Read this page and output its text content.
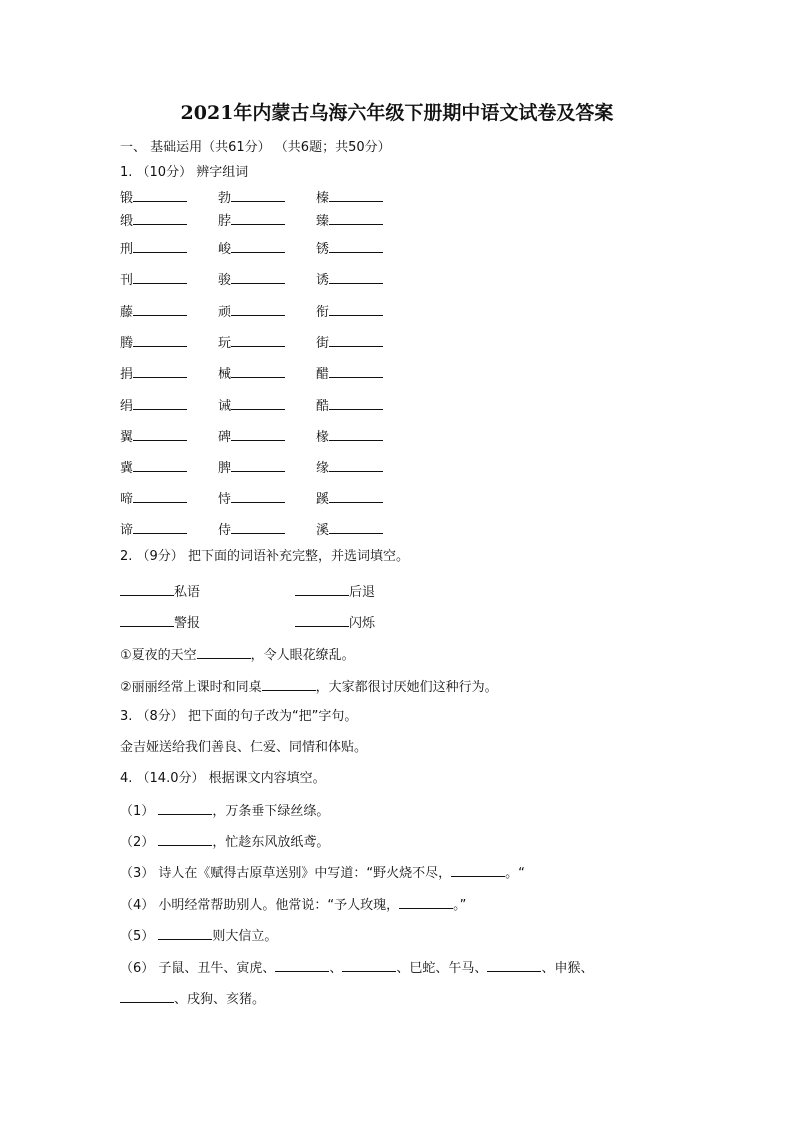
2021年内蒙古乌海六年级下册期中语文试卷及答案
一、 基础运用（共61分） （共6题；共50分）
1. （10分） 辨字组词
锻	勃	榛
缎	脖	臻
刑	峻	锈
刊	骏	诱
藤	顽	衔
腾	玩	街
捐	械	醋
绢	诫	酷
翼	碑	椽
冀	脾	缘
啼	恃	蹊
谛	侍	溪
2. （9分） 把下面的词语补充完整，并选词填空。
私语	后退
警报	闪烁
①夏夜的天空	，令人眼花缭乱。
②丽丽经常上课时和同桌	，大家都很讨厌她们这种行为。
3. （8分） 把下面的句子改为“把”字句。
金吉娅送给我们善良、仁爱、同情和体贴。
4. （14.0分） 根据课文内容填空。
（1）	，万条垂下绿丝绦。
（2）	，忙趁东风放纸鸢。
（3） 诗人在《赋得古原草送别》中写道：“野火烧不尽，	。“
（4） 小明经常帮助别人。他常说：“予人玫瑰，	。”
（5）	则大信立。
（6） 子鼠、丑牛、寅虎、	、	、巳蛇、午马、	、申猴、
、戌狗、亥猪。
